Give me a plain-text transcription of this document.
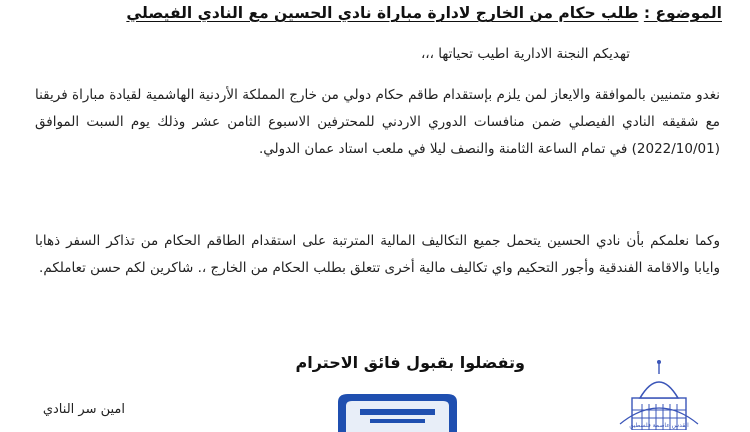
الموضوع : طلب حكام من الخارج لادارة مباراة نادي الحسين مع النادي الفيصلي
تهديكم النجنة الادارية اطيب تحياتها ،،،
نغدو متمنيين بالموافقة والايعاز لمن يلزم بإستقدام طاقم حكام دولي من خارج المملكة الأردنية الهاشمية لقيادة مباراة فريقنا مع شقيقه النادي الفيصلي ضمن منافسات الدوري الاردني للمحترفين الاسبوع الثامن عشر وذلك يوم السبت الموافق (2022/10/01) في تمام الساعة الثامنة والنصف ليلا في ملعب استاد عمان الدولي.
وكما نعلمكم بأن نادي الحسين يتحمل جميع التكاليف المالية المترتبة على استقدام الطاقم الحكام من تذاكر السفر ذهابا وايابا والاقامة الفندقية وأجور التحكيم واي تكاليف مالية أخرى تتعلق بطلب الحكام من الخارج ،. شاكرين لكم حسن تعاملكم.
وتفضلوا بقبول فائق الاحترام
امين سر النادي
القدس عاصمة فلسطين
